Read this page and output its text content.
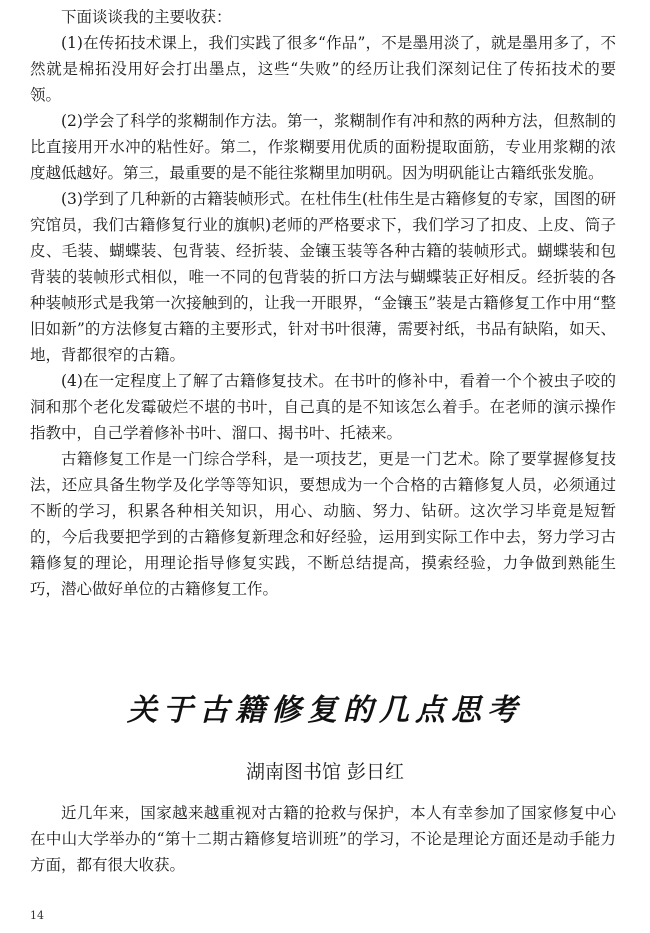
下面谈谈我的主要收获：

(1)在传拓技术课上，我们实践了很多“作品”，不是墨用淡了，就是墨用多了，不然就是棉拓没用好会打出墨点，这些“失败”的经历让我们深刻记住了传拓技术的要领。

(2)学会了科学的浆糊制作方法。第一，浆糊制作有冲和熬的两种方法，但熬制的比直接用开水冲的粘性好。第二，作浆糊要用优质的面粉提取面筋，专业用浆糊的浓度越低越好。第三，最重要的是不能往浆糊里加明矾。因为明矾能让古籍纸张发脆。

(3)学到了几种新的古籍装帧形式。在杜伟生(杜伟生是古籍修复的专家，国图的研究馆员，我们古籍修复行业的旗帜)老师的严格要求下，我们学习了扣皮、上皮、筒子皮、毛装、蝴蝶装、包背装、经折装、金镶玉装等各种古籍的装帧形式。蝴蝶装和包背装的装帧形式相似，唯一不同的包背装的折口方法与蝴蝶装正好相反。经折装的各种装帧形式是我第一次接触到的，让我一开眼界，“金镶玉”装是古籍修复工作中用“整旧如新”的方法修复古籍的主要形式，针对书叶很薄，需要衬纸，书品有缺陷，如天、地，背都很窄的古籍。

(4)在一定程度上了解了古籍修复技术。在书叶的修补中，看着一个个被虫子咬的洞和那个老化发霉破烂不堪的书叶，自己真的是不知该怎么着手。在老师的演示操作指教中，自己学着修补书叶、溜口、揭书叶、托裱来。

古籍修复工作是一门综合学科，是一项技艺，更是一门艺术。除了要掌握修复技法，还应具备生物学及化学等等知识，要想成为一个合格的古籍修复人员，必须通过不断的学习，积累各种相关知识，用心、动脑、努力、钻研。这次学习毕竟是短暂的，今后我要把学到的古籍修复新理念和好经验，运用到实际工作中去，努力学习古籍修复的理论，用理论指导修复实践，不断总结提高，摸索经验，力争做到熟能生巧，潜心做好单位的古籍修复工作。

关于古籍修复的几点思考
湖南图书馆 彭日红

近几年来，国家越来越重视对古籍的抢救与保护，本人有幸参加了国家修复中心在中山大学举办的“第十二期古籍修复培训班”的学习，不论是理论方面还是动手能力方面，都有很大收获。

14
